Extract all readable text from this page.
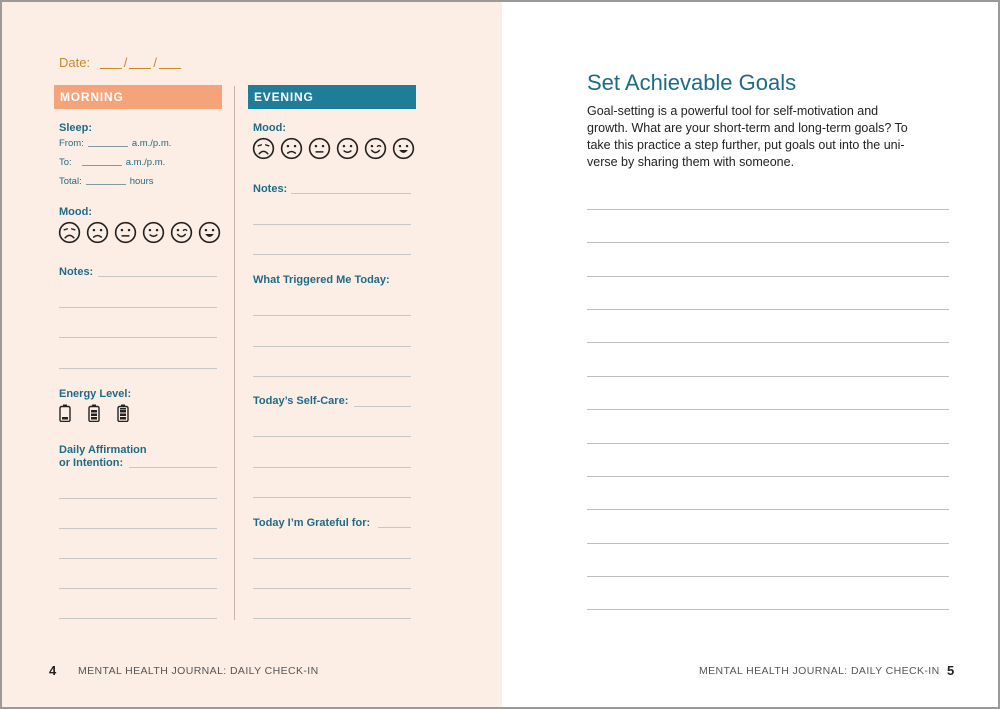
Date:	/ /
MORNING	EVENING
Sleep:
From:	a.m./p.m.
To:	a.m./p.m.
Total:	hours
Mood:
Notes:
Energy Level:
Daily Affirmation
or Intention:
Mood:
Notes:
What Triggered Me Today:
Today’s Self-Care:
Today I’m Grateful for:
4 MENTAL HEALTH JOURNAL: DAILY CHECK-IN
Set Achievable Goals
Goal-setting is a powerful tool for self-motivation and
growth. What are your short-term and long-term goals? To
take this practice a step further, put goals out into the uni-
verse by sharing them with someone.
MENTAL HEALTH JOURNAL: DAILY CHECK-IN 5
